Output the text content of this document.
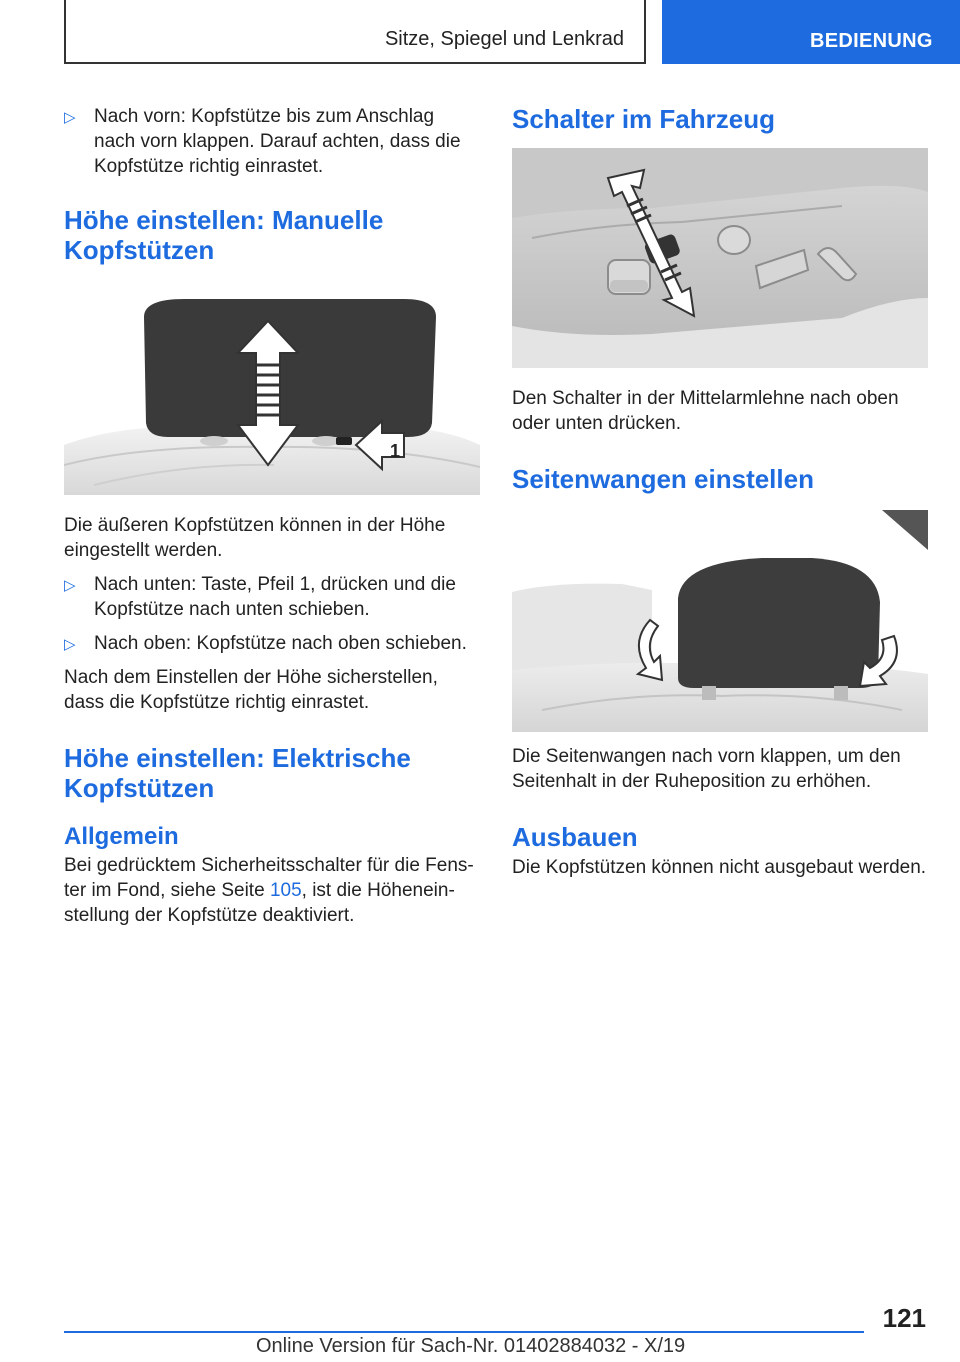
Sitze, Spiegel und Lenkrad	BEDIENUNG

▷ Nach vorn: Kopfstütze bis zum Anschlag nach vorn klappen. Darauf achten, dass die Kopfstütze richtig einrastet.

Höhe einstellen: Manuelle Kopfstützen
1

Die äußeren Kopfstützen können in der Höhe eingestellt werden.

▷ Nach unten: Taste, Pfeil 1, drücken und die Kopfstütze nach unten schieben.

▷ Nach oben: Kopfstütze nach oben schieben.

Nach dem Einstellen der Höhe sicherstellen, dass die Kopfstütze richtig einrastet.

Höhe einstellen: Elektrische Kopfstützen
Allgemein

Bei gedrücktem Sicherheitsschalter für die Fenster im Fond, siehe Seite 105, ist die Höheneinstellung der Kopfstütze deaktiviert.

Schalter im Fahrzeug

Den Schalter in der Mittelarmlehne nach oben oder unten drücken.

Seitenwangen einstellen

Die Seitenwangen nach vorn klappen, um den Seitenhalt in der Ruheposition zu erhöhen.

Ausbauen

Die Kopfstützen können nicht ausgebaut werden.

121
Online Version für Sach-Nr. 01402884032 - X/19
